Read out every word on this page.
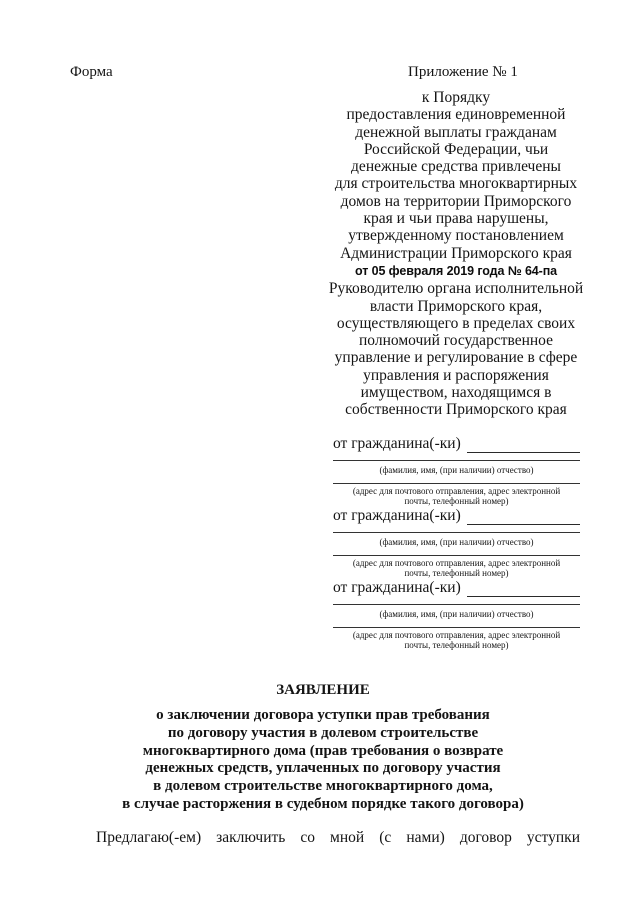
Форма	Приложение № 1
к Порядку
предоставления единовременной
денежной выплаты гражданам
Российской Федерации, чьи
денежные средства привлечены
для строительства многоквартирных
домов на территории Приморского
края и чьи права нарушены,
утвержденному постановлением
Администрации Приморского края
от 05 февраля 2019 года № 64-па
Руководителю органа исполнительной
власти Приморского края,
осуществляющего в пределах своих
полномочий государственное
управление и регулирование в сфере
управления и распоряжения
имуществом, находящимся в
собственности Приморского края
от гражданина(-ки)
(фамилия, имя, (при наличии) отчество)
(адрес для почтового отправления, адрес электронной
почты, телефонный номер)
от гражданина(-ки)
(фамилия, имя, (при наличии) отчество)
(адрес для почтового отправления, адрес электронной
почты, телефонный номер)
от гражданина(-ки)
(фамилия, имя, (при наличии) отчество)
(адрес для почтового отправления, адрес электронной
почты, телефонный номер)
ЗАЯВЛЕНИЕ
о заключении договора уступки прав требования
по договору участия в долевом строительстве
многоквартирного дома (прав требования о возврате
денежных средств, уплаченных по договору участия
в долевом строительстве многоквартирного дома,
в случае расторжения в судебном порядке такого договора)
Предлагаю(-ем) заключить со мной (с нами) договор уступки
